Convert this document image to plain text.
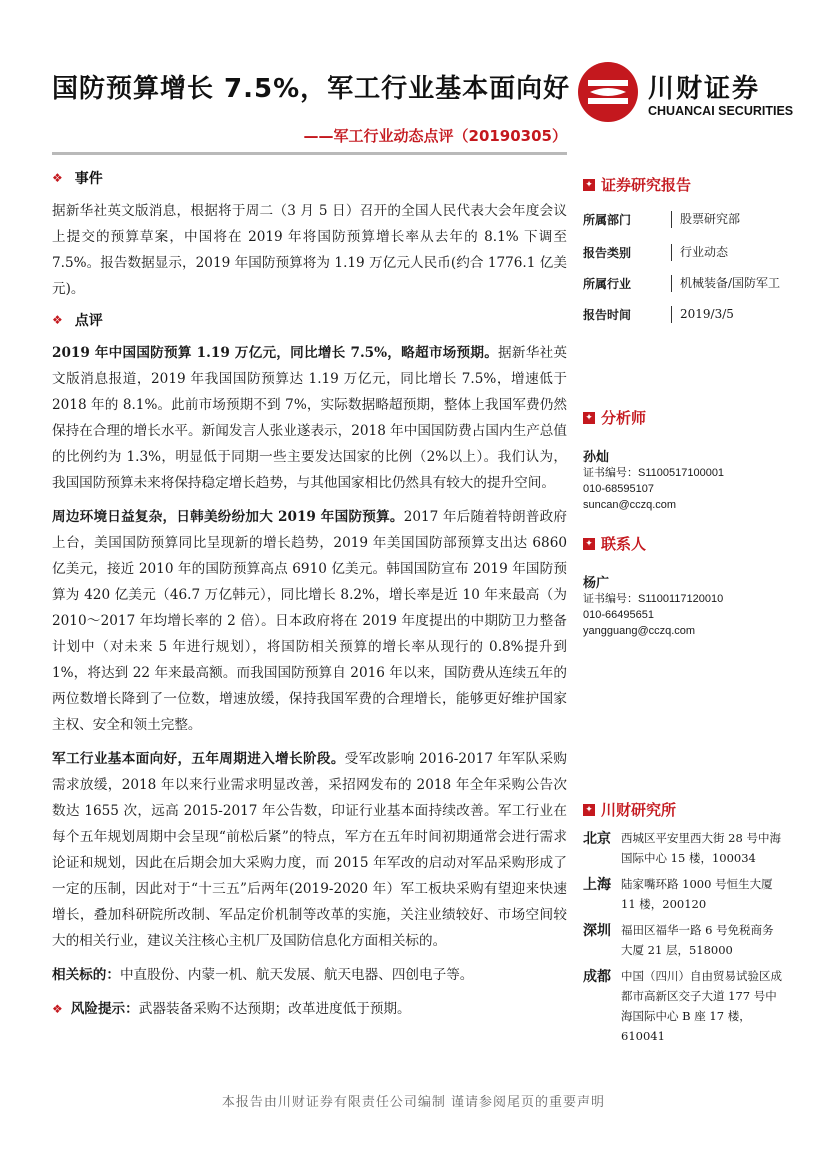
国防预算增长 7.5%，军工行业基本面向好
——军工行业动态点评（20190305）
川财证券
CHUANCAI SECURITIES
❖ 事件

据新华社英文版消息，根据将于周二（3 月 5 日）召开的全国人民代表大会年度会议上提交的预算草案，中国将在 2019 年将国防预算增长率从去年的 8.1% 下调至 7.5%。报告数据显示，2019 年国防预算将为 1.19 万亿元人民币(约合 1776.1 亿美元)。

❖ 点评

2019 年中国国防预算 1.19 万亿元，同比增长 7.5%，略超市场预期。据新华社英文版消息报道，2019 年我国国防预算达 1.19 万亿元，同比增长 7.5%，增速低于 2018 年的 8.1%。此前市场预期不到 7%，实际数据略超预期，整体上我国军费仍然保持在合理的增长水平。新闻发言人张业遂表示，2018 年中国国防费占国内生产总值的比例约为 1.3%，明显低于同期一些主要发达国家的比例（2%以上）。我们认为，我国国防预算未来将保持稳定增长趋势，与其他国家相比仍然具有较大的提升空间。

周边环境日益复杂，日韩美纷纷加大 2019 年国防预算。2017 年后随着特朗普政府上台，美国国防预算同比呈现新的增长趋势，2019 年美国国防部预算支出达 6860 亿美元，接近 2010 年的国防预算高点 6910 亿美元。韩国国防宣布 2019 年国防预算为 420 亿美元（46.7 万亿韩元），同比增长 8.2%，增长率是近 10 年来最高（为 2010～2017 年均增长率的 2 倍）。日本政府将在 2019 年度提出的中期防卫力整备计划中（对未来 5 年进行规划），将国防相关预算的增长率从现行的 0.8%提升到 1%，将达到 22 年来最高额。而我国国防预算自 2016 年以来，国防费从连续五年的两位数增长降到了一位数，增速放缓，保持我国军费的合理增长，能够更好维护国家主权、安全和领土完整。

军工行业基本面向好，五年周期进入增长阶段。受军改影响 2016-2017 年军队采购需求放缓，2018 年以来行业需求明显改善，采招网发布的 2018 年全年采购公告次数达 1655 次，远高 2015-2017 年公告数，印证行业基本面持续改善。军工行业在每个五年规划周期中会呈现“前松后紧”的特点，军方在五年时间初期通常会进行需求论证和规划，因此在后期会加大采购力度，而 2015 年军改的启动对军品采购形成了一定的压制，因此对于“十三五”后两年(2019-2020 年）军工板块采购有望迎来快速增长，叠加科研院所改制、军品定价机制等改革的实施，关注业绩较好、市场空间较大的相关行业，建议关注核心主机厂及国防信息化方面相关标的。

相关标的：中直股份、内蒙一机、航天发展、航天电器、四创电子等。

❖ 风险提示：武器装备采购不达预期；改革进度低于预期。

✦ 证券研究报告
所属部门	股票研究部
报告类别	行业动态
所属行业	机械装备/国防军工
报告时间	2019/3/5
✦ 分析师
孙灿
证书编号：S1100517100001
010-68595107
suncan@cczq.com
✦ 联系人
杨广
证书编号：S1100117120010
010-66495651
yangguang@cczq.com
✦ 川财研究所
北京 西城区平安里西大街 28 号中海国际中心 15 楼，100034
上海 陆家嘴环路 1000 号恒生大厦 11 楼，200120
深圳 福田区福华一路 6 号免税商务大厦 21 层，518000
成都 中国（四川）自由贸易试验区成都市高新区交子大道 177 号中海国际中心 B 座 17 楼，610041
本报告由川财证券有限责任公司编制 谨请参阅尾页的重要声明
